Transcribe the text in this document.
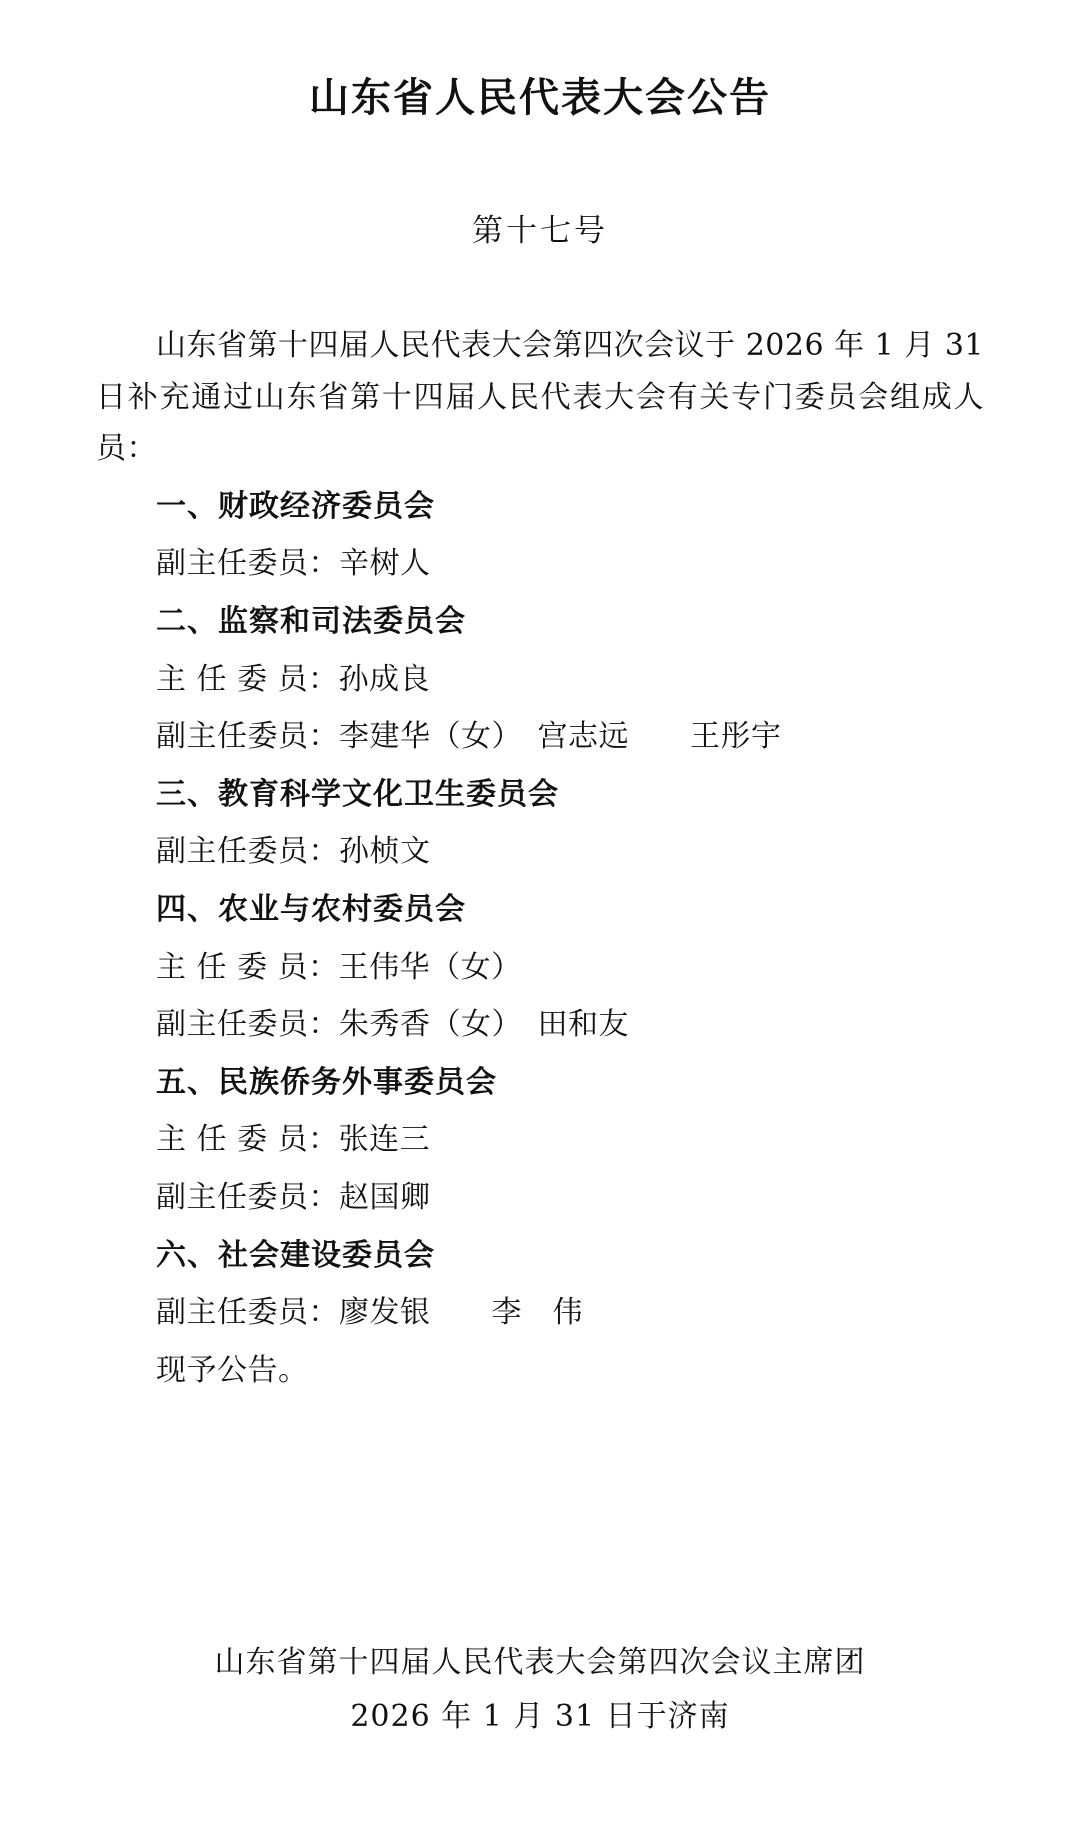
山东省人民代表大会公告
第十七号

山东省第十四届人民代表大会第四次会议于 2026 年 1 月 31 日补充通过山东省第十四届人民代表大会有关专门委员会组成人员：

一、财政经济委员会

副主任委员：辛树人

二、监察和司法委员会

主 任 委 员：孙成良

副主任委员：李建华（女）　宫志远　　王彤宇

三、教育科学文化卫生委员会

副主任委员：孙桢文

四、农业与农村委员会

主 任 委 员：王伟华（女）

副主任委员：朱秀香（女）　田和友

五、民族侨务外事委员会

主 任 委 员：张连三

副主任委员：赵国卿

六、社会建设委员会

副主任委员：廖发银　　李　伟

现予公告。

山东省第十四届人民代表大会第四次会议主席团
2026 年 1 月 31 日于济南
